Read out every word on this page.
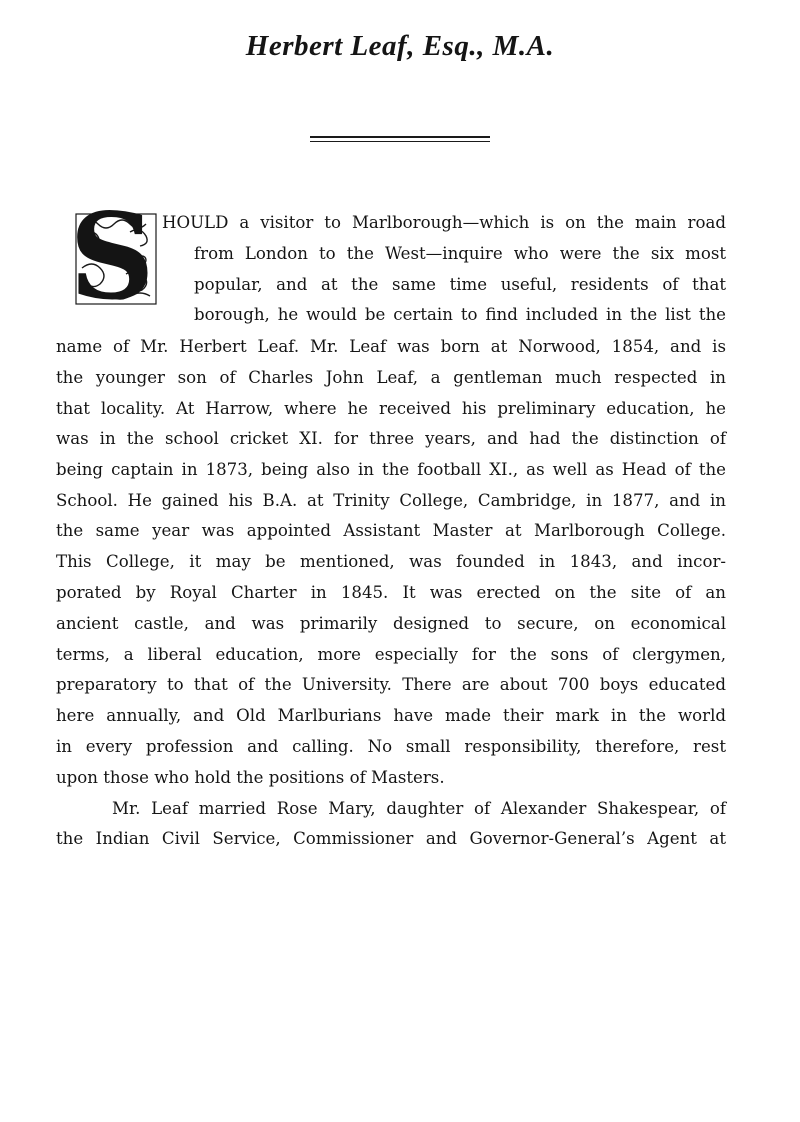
Herbert Leaf, Esq., M.A.
S HOULD a visitor to Marlborough—which is on the main road
from London to the West—inquire who were the six most
popular, and at the same time useful, residents of that
borough, he would be certain to find included in the list the
name of Mr. Herbert Leaf. Mr. Leaf was born at Norwood, 1854, and is
the younger son of Charles John Leaf, a gentleman much respected in
that locality. At Harrow, where he received his preliminary education, he
was in the school cricket XI. for three years, and had the distinction of
being captain in 1873, being also in the football XI., as well as Head of the
School. He gained his B.A. at Trinity College, Cambridge, in 1877, and in
the same year was appointed Assistant Master at Marlborough College.
This College, it may be mentioned, was founded in 1843, and incor-
porated by Royal Charter in 1845. It was erected on the site of an
ancient castle, and was primarily designed to secure, on economical
terms, a liberal education, more especially for the sons of clergymen,
preparatory to that of the University. There are about 700 boys educated
here annually, and Old Marlburians have made their mark in the world
in every profession and calling. No small responsibility, therefore, rest
upon those who hold the positions of Masters.
Mr. Leaf married Rose Mary, daughter of Alexander Shakespear, of
the Indian Civil Service, Commissioner and Governor-General’s Agent at
